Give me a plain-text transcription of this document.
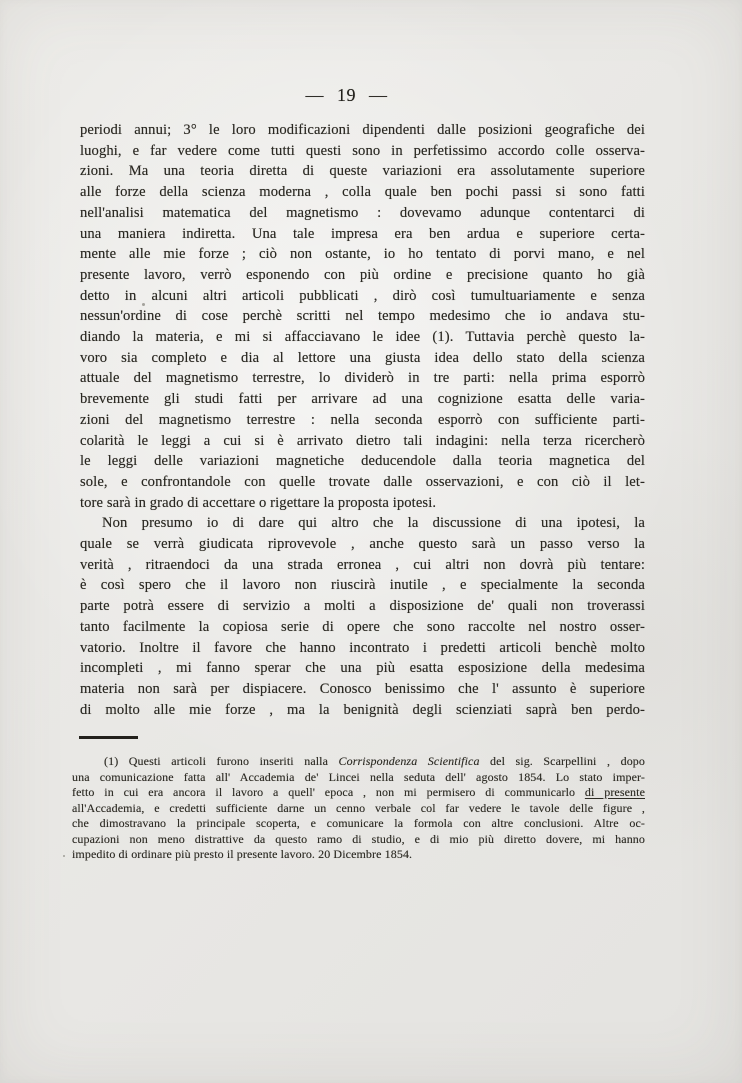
— 19 —
periodi annui; 3° le loro modificazioni dipendenti dalle posizioni geografiche dei
luoghi, e far vedere come tutti questi sono in perfetissimo accordo colle osserva-
zioni. Ma una teoria diretta di queste variazioni era assolutamente superiore
alle forze della scienza moderna , colla quale ben pochi passi si sono fatti
nell'analisi matematica del magnetismo : dovevamo adunque contentarci di
una maniera indiretta. Una tale impresa era ben ardua e superiore certa-
mente alle mie forze ; ciò non ostante, io ho tentato di porvi mano, e nel
presente lavoro, verrò esponendo con più ordine e precisione quanto ho già
detto in alcuni altri articoli pubblicati , dirò così tumultuariamente e senza
nessun'ordine di cose perchè scritti nel tempo medesimo che io andava stu-
diando la materia, e mi si affacciavano le idee (1). Tuttavia perchè questo la-
voro sia completo e dia al lettore una giusta idea dello stato della scienza
attuale del magnetismo terrestre, lo dividerò in tre parti: nella prima esporrò
brevemente gli studi fatti per arrivare ad una cognizione esatta delle varia-
zioni del magnetismo terrestre : nella seconda esporrò con sufficiente parti-
colarità le leggi a cui si è arrivato dietro tali indagini: nella terza ricercherò
le leggi delle variazioni magnetiche deducendole dalla teoria magnetica del
sole, e confrontandole con quelle trovate dalle osservazioni, e con ciò il let-
tore sarà in grado di accettare o rigettare la proposta ipotesi.
Non presumo io di dare qui altro che la discussione di una ipotesi, la
quale se verrà giudicata riprovevole , anche questo sarà un passo verso la
verità , ritraendoci da una strada erronea , cui altri non dovrà più tentare:
è così spero che il lavoro non riuscirà inutile , e specialmente la seconda
parte potrà essere di servizio a molti a disposizione de' quali non troverassi
tanto facilmente la copiosa serie di opere che sono raccolte nel nostro osser-
vatorio. Inoltre il favore che hanno incontrato i predetti articoli benchè molto
incompleti , mi fanno sperar che una più esatta esposizione della medesima
materia non sarà per dispiacere. Conosco benissimo che l' assunto è superiore
di molto alle mie forze , ma la benignità degli scienziati saprà ben perdo-
(1) Questi articoli furono inseriti nalla Corrispondenza Scientifica del sig. Scarpellini , dopo
una comunicazione fatta all' Accademia de' Lincei nella seduta dell' agosto 1854. Lo stato imper-
fetto in cui era ancora il lavoro a quell' epoca , non mi permisero di communicarlo di presente
all'Accademia, e credetti sufficiente darne un cenno verbale col far vedere le tavole delle figure ,
che dimostravano la principale scoperta, e comunicare la formola con altre conclusioni. Altre oc-
cupazioni non meno distrattive da questo ramo di studio, e di mio più diretto dovere, mi hanno
impedito di ordinare più presto il presente lavoro. 20 Dicembre 1854.
